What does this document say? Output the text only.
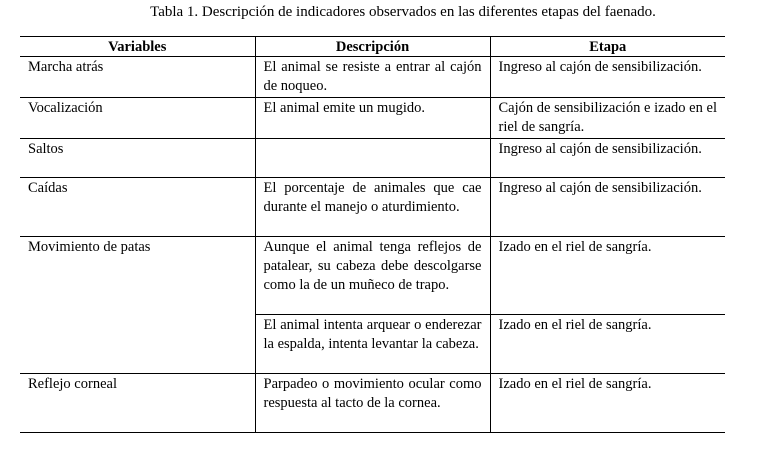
Tabla 1. Descripción de indicadores observados en las diferentes etapas del faenado.
Variables	Descripción	Etapa
Marcha atrás	El animal se resiste a entrar al cajón de noqueo.	Ingreso al cajón de sensibilización.
Vocalización	El animal emite un mugido.	Cajón de sensibilización e izado en el riel de sangría.
Saltos		Ingreso al cajón de sensibilización.
Caídas	El porcentaje de animales que cae durante el manejo o aturdimiento.	Ingreso al cajón de sensibilización.
Movimiento de patas	Aunque el animal tenga reflejos de patalear, su cabeza debe descolgarse como la de un muñeco de trapo.	Izado en el riel de sangría.
	El animal intenta arquear o enderezar la espalda, intenta levantar la cabeza.	Izado en el riel de sangría.
Reflejo corneal	Parpadeo o movimiento ocular como respuesta al tacto de la cornea.	Izado en el riel de sangría.
